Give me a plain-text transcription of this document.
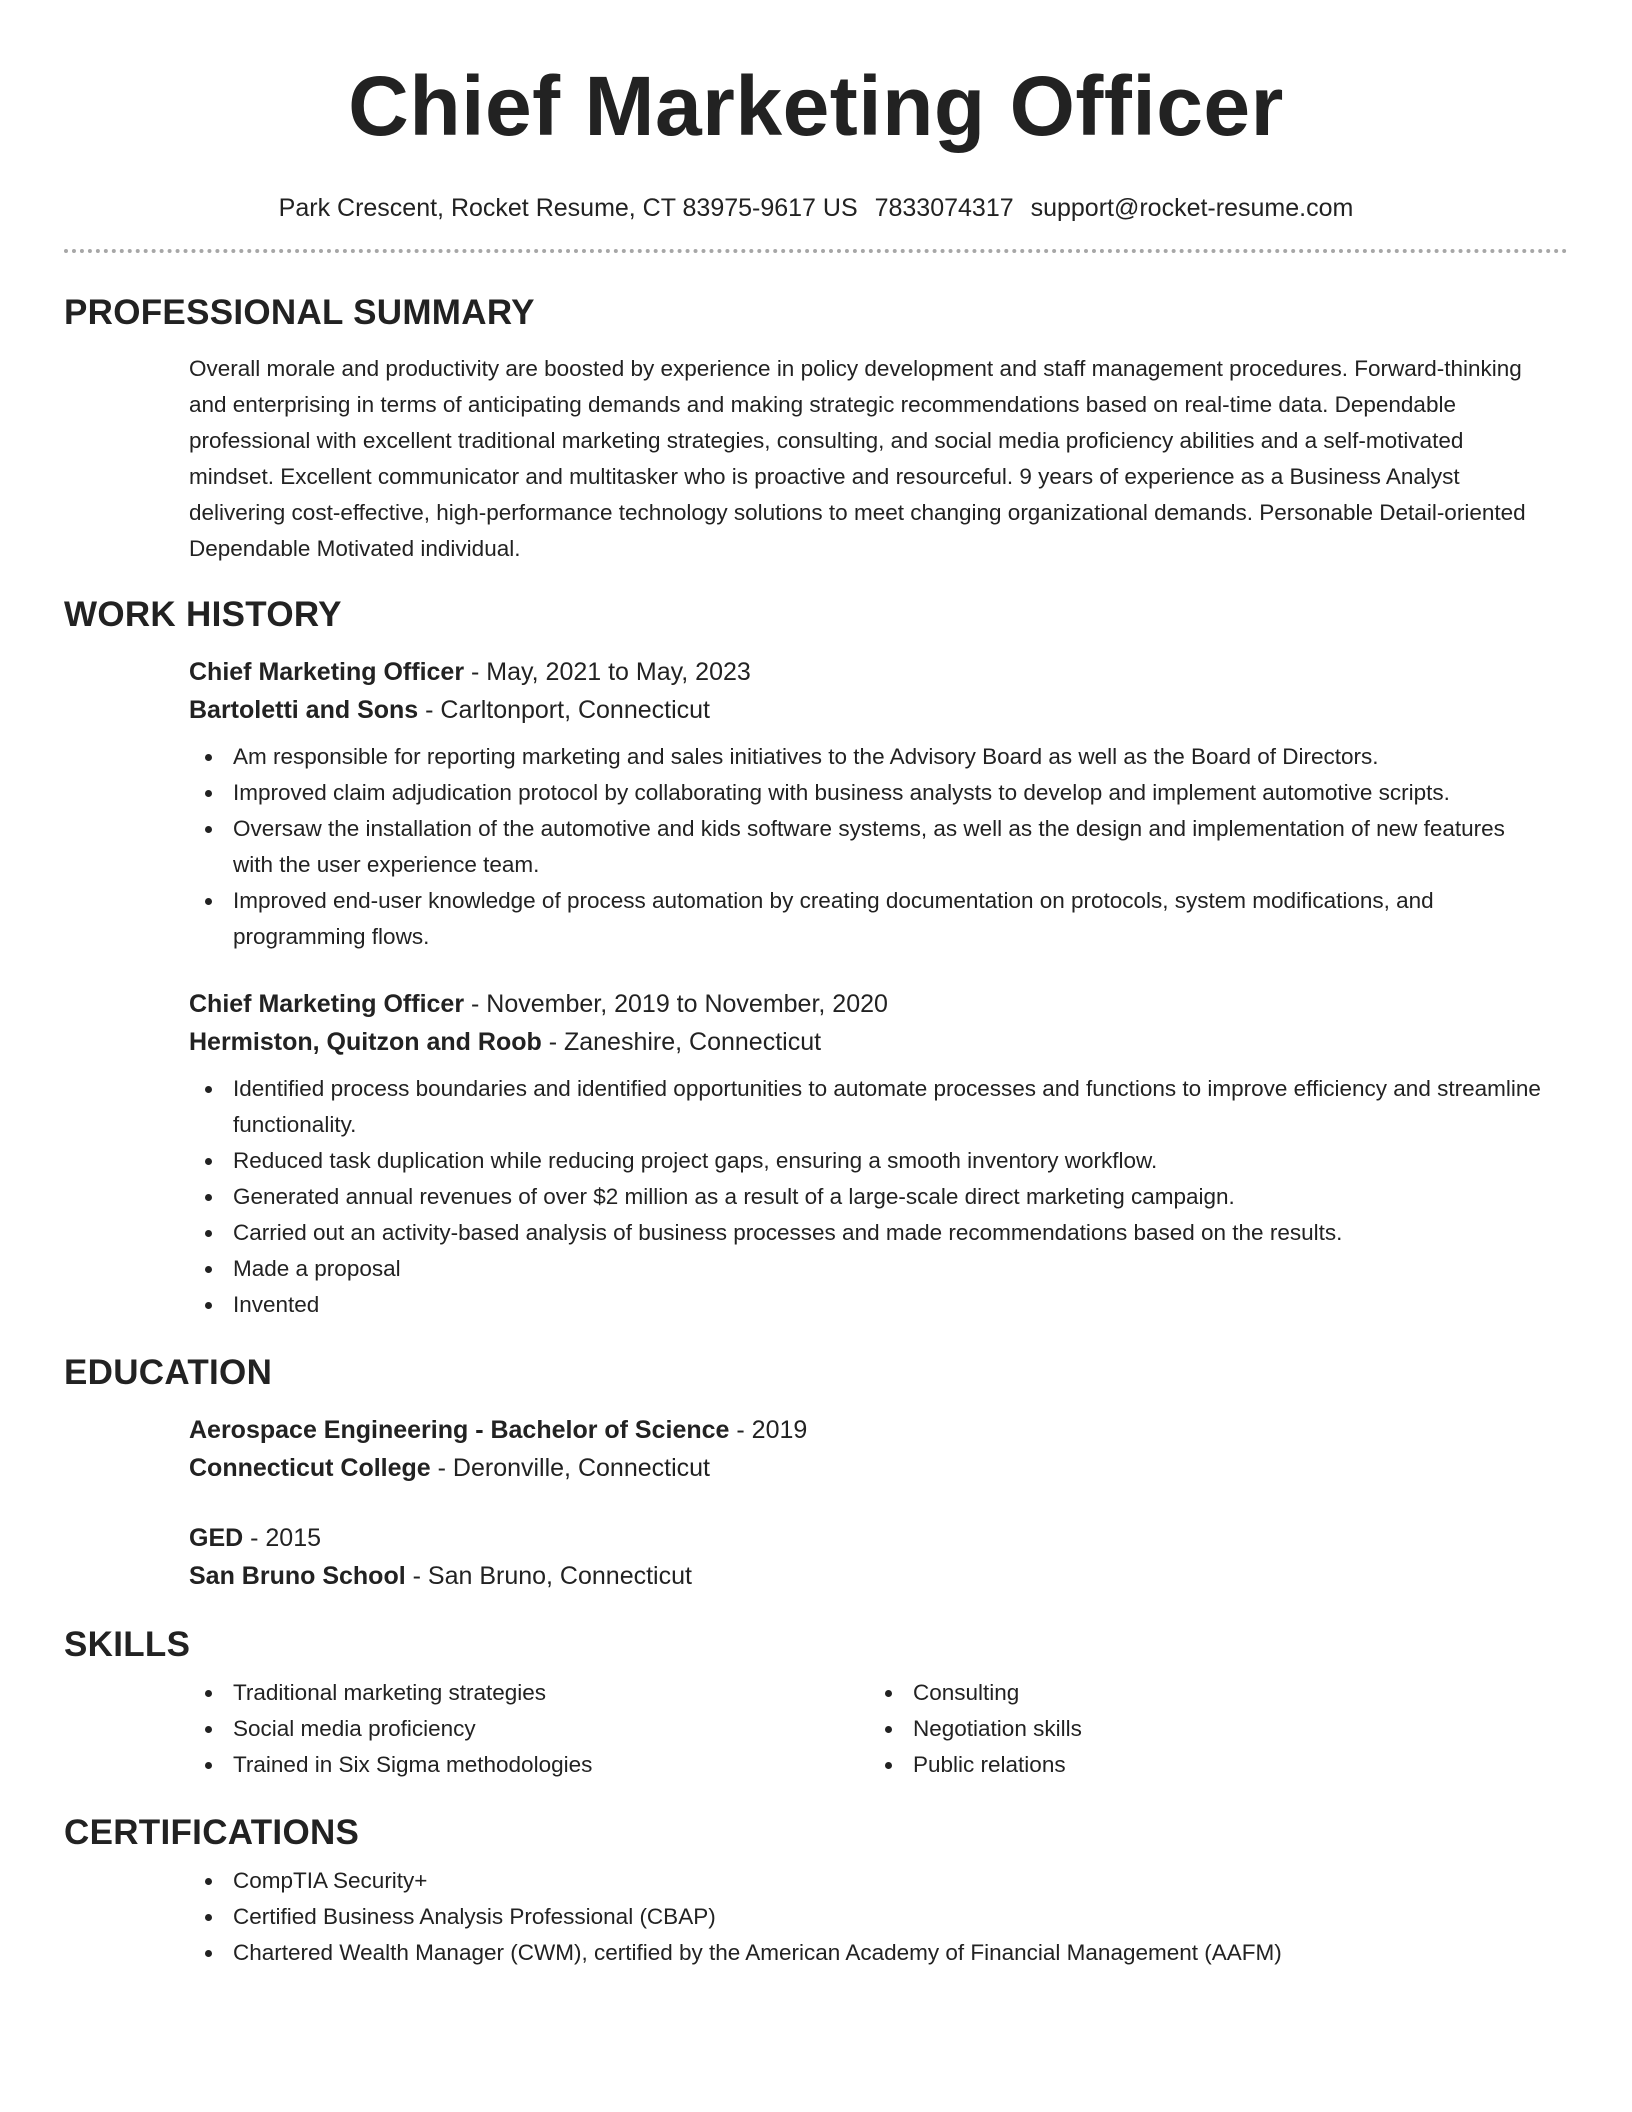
Chief Marketing Officer
Park Crescent, Rocket Resume, CT 83975-9617 US 7833074317 support@rocket-resume.com
PROFESSIONAL SUMMARY

Overall morale and productivity are boosted by experience in policy development and staff management procedures. Forward-thinking and enterprising in terms of anticipating demands and making strategic recommendations based on real-time data. Dependable professional with excellent traditional marketing strategies, consulting, and social media proficiency abilities and a self-motivated mindset. Excellent communicator and multitasker who is proactive and resourceful. 9 years of experience as a Business Analyst delivering cost-effective, high-performance technology solutions to meet changing organizational demands. Personable Detail-oriented Dependable Motivated individual.

WORK HISTORY

Chief Marketing Officer - May, 2021 to May, 2023

Bartoletti and Sons - Carltonport, Connecticut

Am responsible for reporting marketing and sales initiatives to the Advisory Board as well as the Board of Directors.
Improved claim adjudication protocol by collaborating with business analysts to develop and implement automotive scripts.
Oversaw the installation of the automotive and kids software systems, as well as the design and implementation of new features with the user experience team.
Improved end-user knowledge of process automation by creating documentation on protocols, system modifications, and programming flows.

Chief Marketing Officer - November, 2019 to November, 2020

Hermiston, Quitzon and Roob - Zaneshire, Connecticut

Identified process boundaries and identified opportunities to automate processes and functions to improve efficiency and streamline functionality.
Reduced task duplication while reducing project gaps, ensuring a smooth inventory workflow.
Generated annual revenues of over $2 million as a result of a large-scale direct marketing campaign.
Carried out an activity-based analysis of business processes and made recommendations based on the results.
Made a proposal
Invented
EDUCATION

Aerospace Engineering - Bachelor of Science - 2019

Connecticut College - Deronville, Connecticut

GED - 2015

San Bruno School - San Bruno, Connecticut

SKILLS
Traditional marketing strategies
Social media proficiency
Trained in Six Sigma methodologies
Consulting
Negotiation skills
Public relations
CERTIFICATIONS
CompTIA Security+
Certified Business Analysis Professional (CBAP)
Chartered Wealth Manager (CWM), certified by the American Academy of Financial Management (AAFM)
